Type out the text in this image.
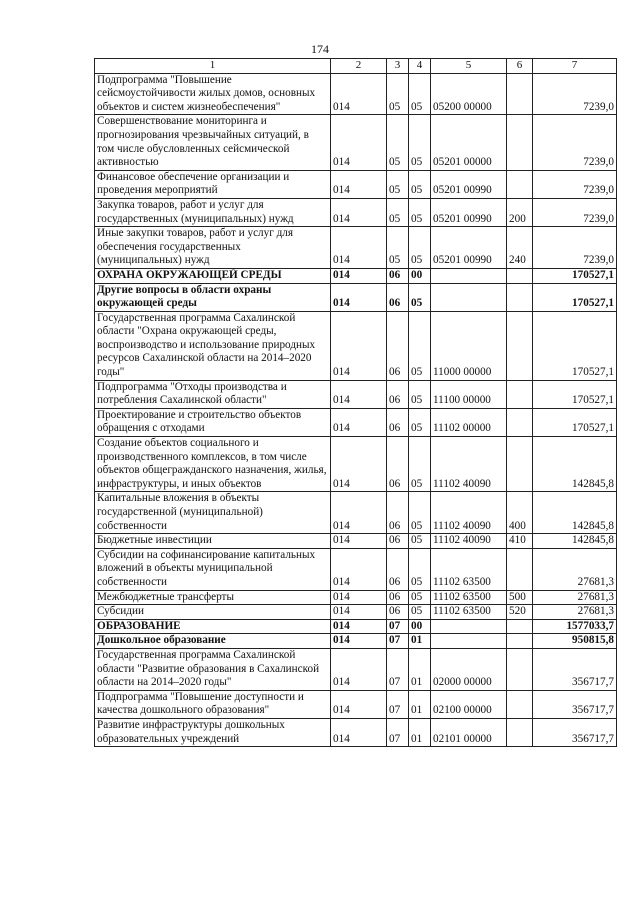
174
1	2	3	4	5	6	7
Подпрограмма "Повышение сейсмоустойчивости жилых домов, основных объектов и систем жизнеобеспечения"	014	05	05	05200 00000		7239,0
Совершенствование мониторинга и прогнозирования чрезвычайных ситуаций, в том числе обусловленных сейсмической активностью	014	05	05	05201 00000		7239,0
Финансовое обеспечение организации и проведения мероприятий	014	05	05	05201 00990		7239,0
Закупка товаров, работ и услуг для государственных (муниципальных) нужд	014	05	05	05201 00990	200	7239,0
Иные закупки товаров, работ и услуг для обеспечения государственных (муниципальных) нужд	014	05	05	05201 00990	240	7239,0
ОХРАНА ОКРУЖАЮЩЕЙ СРЕДЫ	014	06	00			170527,1
Другие вопросы в области охраны окружающей среды	014	06	05			170527,1
Государственная программа Сахалинской области "Охрана окружающей среды, воспроизводство и использование природных ресурсов Сахалинской области на 2014–2020 годы"	014	06	05	11000 00000		170527,1
Подпрограмма "Отходы производства и потребления Сахалинской области"	014	06	05	11100 00000		170527,1
Проектирование и строительство объектов обращения с отходами	014	06	05	11102 00000		170527,1
Создание объектов социального и производственного комплексов, в том числе объектов общегражданского назначения, жилья, инфраструктуры, и иных объектов	014	06	05	11102 40090		142845,8
Капитальные вложения в объекты государственной (муниципальной) собственности	014	06	05	11102 40090	400	142845,8
Бюджетные инвестиции	014	06	05	11102 40090	410	142845,8
Субсидии на софинансирование капитальных вложений в объекты муниципальной собственности	014	06	05	11102 63500		27681,3
Межбюджетные трансферты	014	06	05	11102 63500	500	27681,3
Субсидии	014	06	05	11102 63500	520	27681,3
ОБРАЗОВАНИЕ	014	07	00			1577033,7
Дошкольное образование	014	07	01			950815,8
Государственная программа Сахалинской области "Развитие образования в Сахалинской области на 2014–2020 годы"	014	07	01	02000 00000		356717,7
Подпрограмма "Повышение доступности и качества дошкольного образования"	014	07	01	02100 00000		356717,7
Развитие инфраструктуры дошкольных образовательных учреждений	014	07	01	02101 00000		356717,7
